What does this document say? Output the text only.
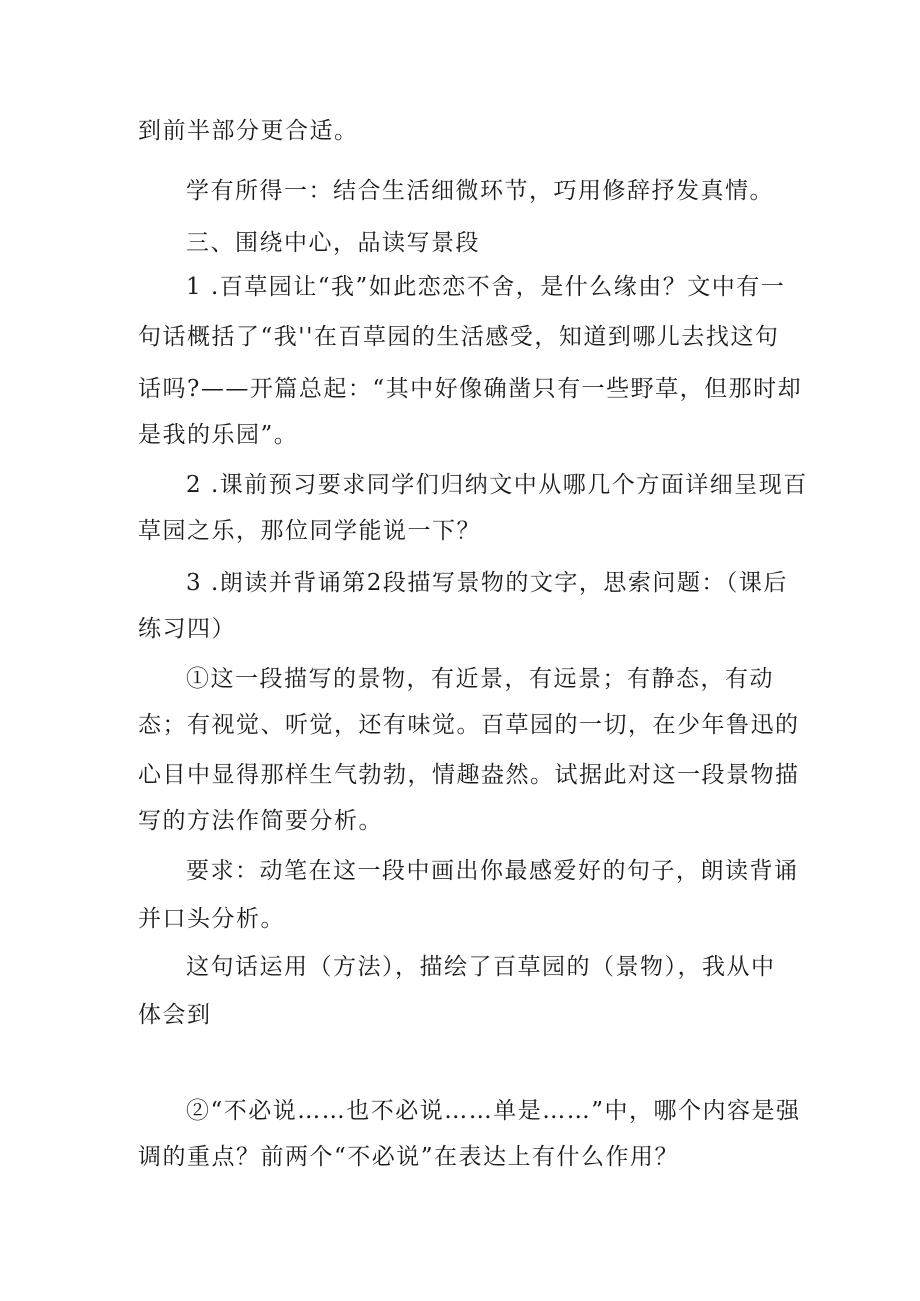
到前半部分更合适。
学有所得一：结合生活细微环节，巧用修辞抒发真情。
三、围绕中心，品读写景段
1 .百草园让“我”如此恋恋不舍，是什么缘由？文中有一
句话概括了“我''在百草园的生活感受，知道到哪儿去找这句
话吗?——开篇总起：“其中好像确凿只有一些野草，但那时却
是我的乐园”。
2 .课前预习要求同学们归纳文中从哪几个方面详细呈现百
草园之乐，那位同学能说一下？
3 .朗读并背诵第2段描写景物的文字，思索问题：（课后
练习四）
①这一段描写的景物，有近景，有远景；有静态，有动
态；有视觉、听觉，还有味觉。百草园的一切，在少年鲁迅的
心目中显得那样生气勃勃，情趣盎然。试据此对这一段景物描
写的方法作简要分析。
要求：动笔在这一段中画出你最感爱好的句子，朗读背诵
并口头分析。
这句话运用（方法），描绘了百草园的（景物），我从中
体会到
②“不必说……也不必说……单是……”中，哪个内容是强
调的重点？前两个“不必说”在表达上有什么作用？
